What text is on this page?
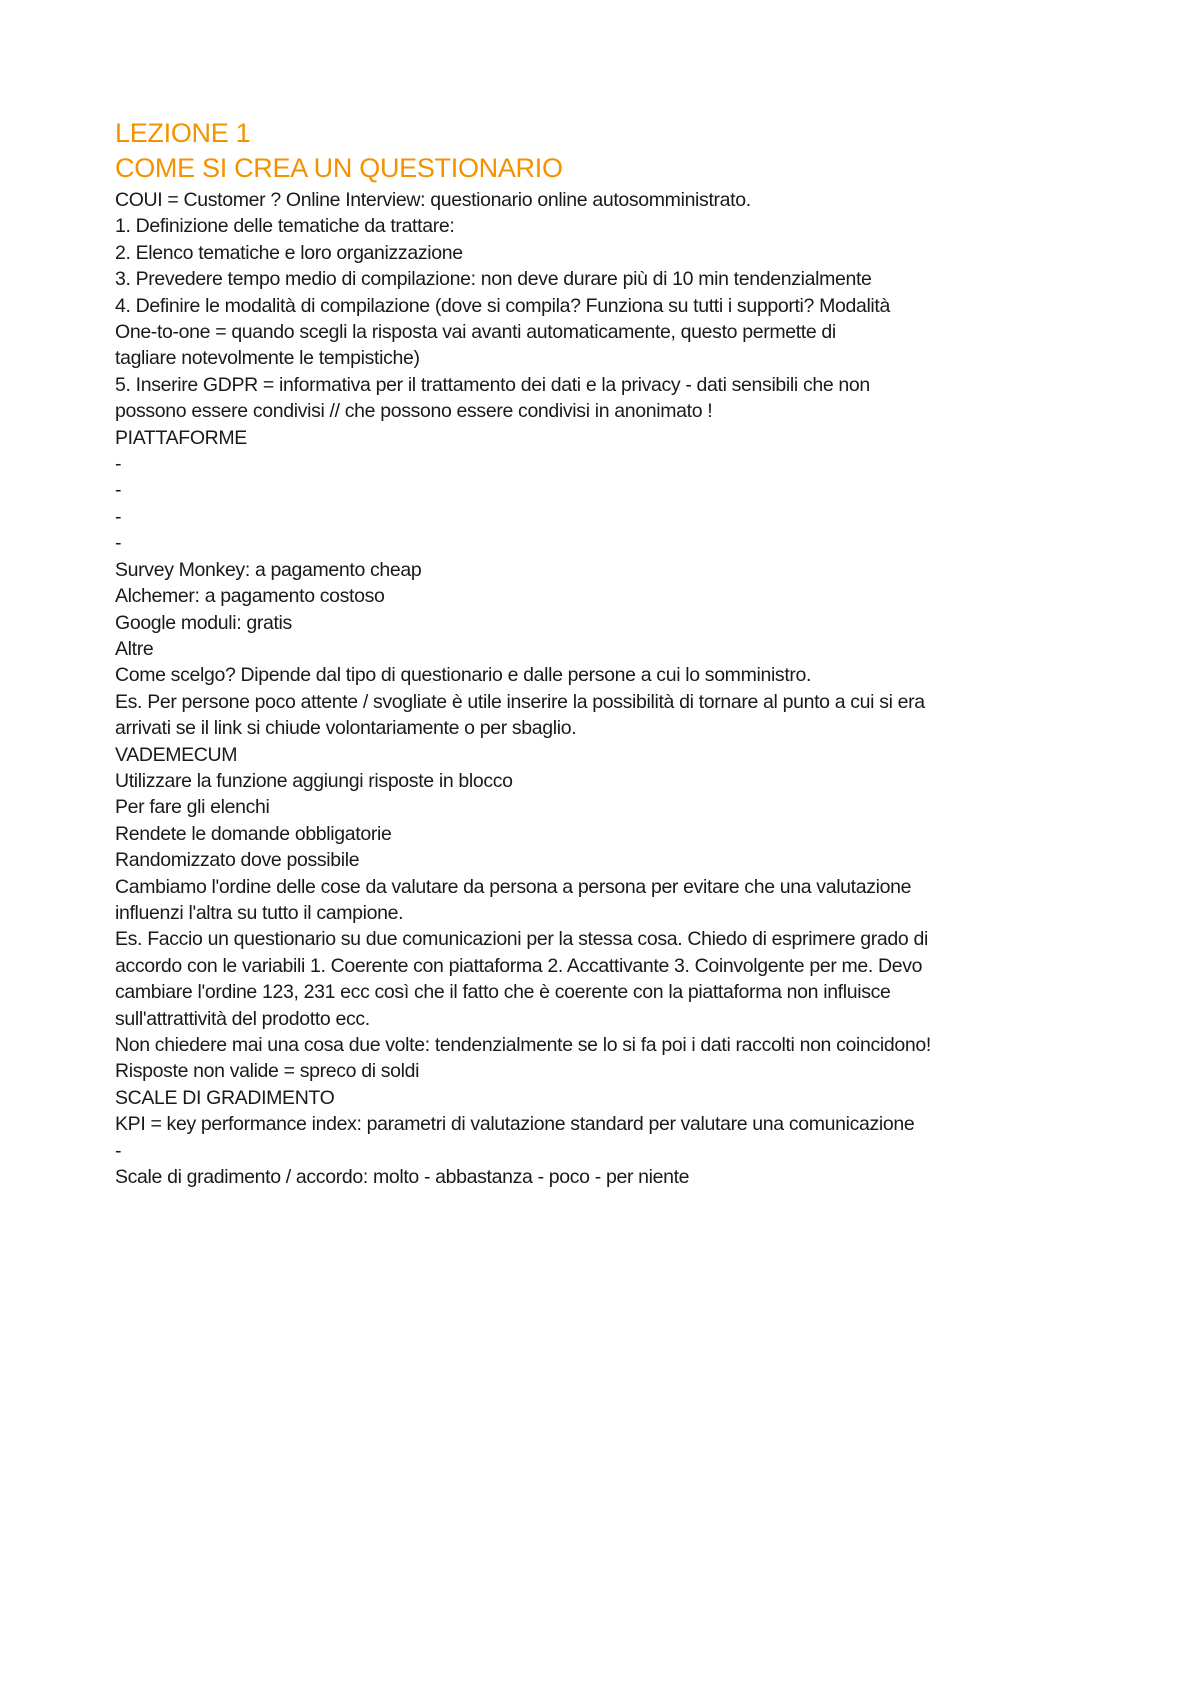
LEZIONE 1
COME SI CREA UN QUESTIONARIO
COUI = Customer ? Online Interview: questionario online autosomministrato.
1. Definizione delle tematiche da trattare:
2. Elenco tematiche e loro organizzazione
3. Prevedere tempo medio di compilazione: non deve durare più di 10 min tendenzialmente
4. Definire le modalità di compilazione (dove si compila? Funziona su tutti i supporti? Modalità
One-to-one = quando scegli la risposta vai avanti automaticamente, questo permette di
tagliare notevolmente le tempistiche)
5. Inserire GDPR = informativa per il trattamento dei dati e la privacy - dati sensibili che non
possono essere condivisi // che possono essere condivisi in anonimato !
PIATTAFORME
-
-
-
-
Survey Monkey: a pagamento cheap
Alchemer: a pagamento costoso
Google moduli: gratis
Altre
Come scelgo? Dipende dal tipo di questionario e dalle persone a cui lo somministro.
Es. Per persone poco attente / svogliate è utile inserire la possibilità di tornare al punto a cui si era
arrivati se il link si chiude volontariamente o per sbaglio.
VADEMECUM
Utilizzare la funzione aggiungi risposte in blocco
Per fare gli elenchi
Rendete le domande obbligatorie
Randomizzato dove possibile
Cambiamo l'ordine delle cose da valutare da persona a persona per evitare che una valutazione
influenzi l'altra su tutto il campione.
Es. Faccio un questionario su due comunicazioni per la stessa cosa. Chiedo di esprimere grado di
accordo con le variabili 1. Coerente con piattaforma 2. Accattivante 3. Coinvolgente per me. Devo
cambiare l'ordine 123, 231 ecc così che il fatto che è coerente con la piattaforma non influisce
sull'attrattività del prodotto ecc.
Non chiedere mai una cosa due volte: tendenzialmente se lo si fa poi i dati raccolti non coincidono!
Risposte non valide = spreco di soldi
SCALE DI GRADIMENTO
KPI = key performance index: parametri di valutazione standard per valutare una comunicazione
-
Scale di gradimento / accordo: molto - abbastanza - poco - per niente
